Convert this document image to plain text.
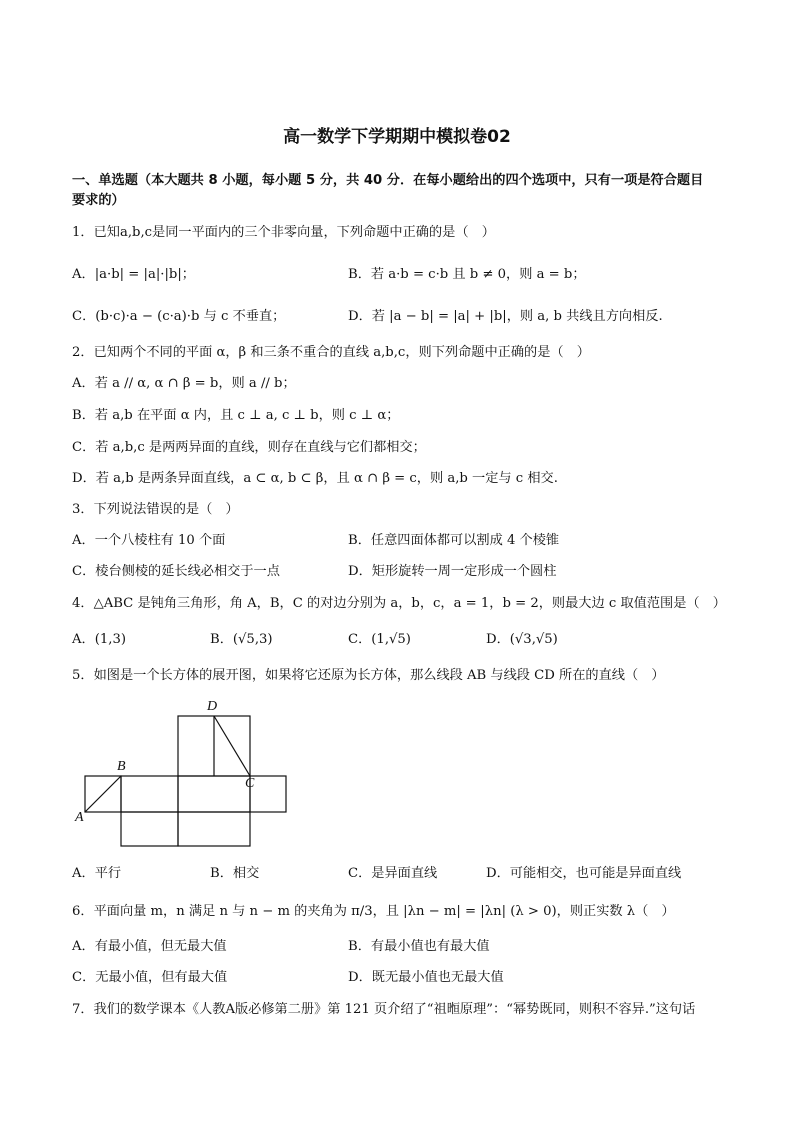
高一数学下学期期中模拟卷02
一、单选题（本大题共 8 小题，每小题 5 分，共 40 分．在每小题给出的四个选项中，只有一项是符合题目
要求的）
1．已知a,b,c是同一平面内的三个非零向量，下列命题中正确的是（　）
A．|a·b| = |a|·|b|；	B．若 a·b = c·b 且 b ≠ 0，则 a = b；
C．(b·c)·a − (c·a)·b 与 c 不垂直；	D．若 |a − b| = |a| + |b|，则 a, b 共线且方向相反.
2．已知两个不同的平面 α，β 和三条不重合的直线 a,b,c，则下列命题中正确的是（　）
A．若 a // α, α ∩ β = b，则 a // b；
B．若 a,b 在平面 α 内，且 c ⊥ a, c ⊥ b，则 c ⊥ α；
C．若 a,b,c 是两两异面的直线，则存在直线与它们都相交；
D．若 a,b 是两条异面直线，a ⊂ α, b ⊂ β，且 α ∩ β = c，则 a,b 一定与 c 相交.
3．下列说法错误的是（　）
A．一个八棱柱有 10 个面	B．任意四面体都可以割成 4 个棱锥
C．棱台侧棱的延长线必相交于一点	D．矩形旋转一周一定形成一个圆柱
4．△ABC 是钝角三角形，角 A，B，C 的对边分别为 a，b，c，a = 1，b = 2，则最大边 c 取值范围是（　）
A．(1,3)	B．(√5,3)	C．(1,√5)	D．(√3,√5)
5．如图是一个长方体的展开图，如果将它还原为长方体，那么线段 AB 与线段 CD 所在的直线（　）
D
B
C
A
A．平行	B．相交	C．是异面直线	D．可能相交，也可能是异面直线
6．平面向量 m，n 满足 n 与 n − m 的夹角为 π/3，且 |λn − m| = |λn| (λ > 0)，则正实数 λ（　）
A．有最小值，但无最大值	B．有最小值也有最大值
C．无最小值，但有最大值	D．既无最小值也无最大值
7．我们的数学课本《人教A版必修第二册》第 121 页介绍了“祖暅原理”：“幂势既同，则积不容异.”这句话
